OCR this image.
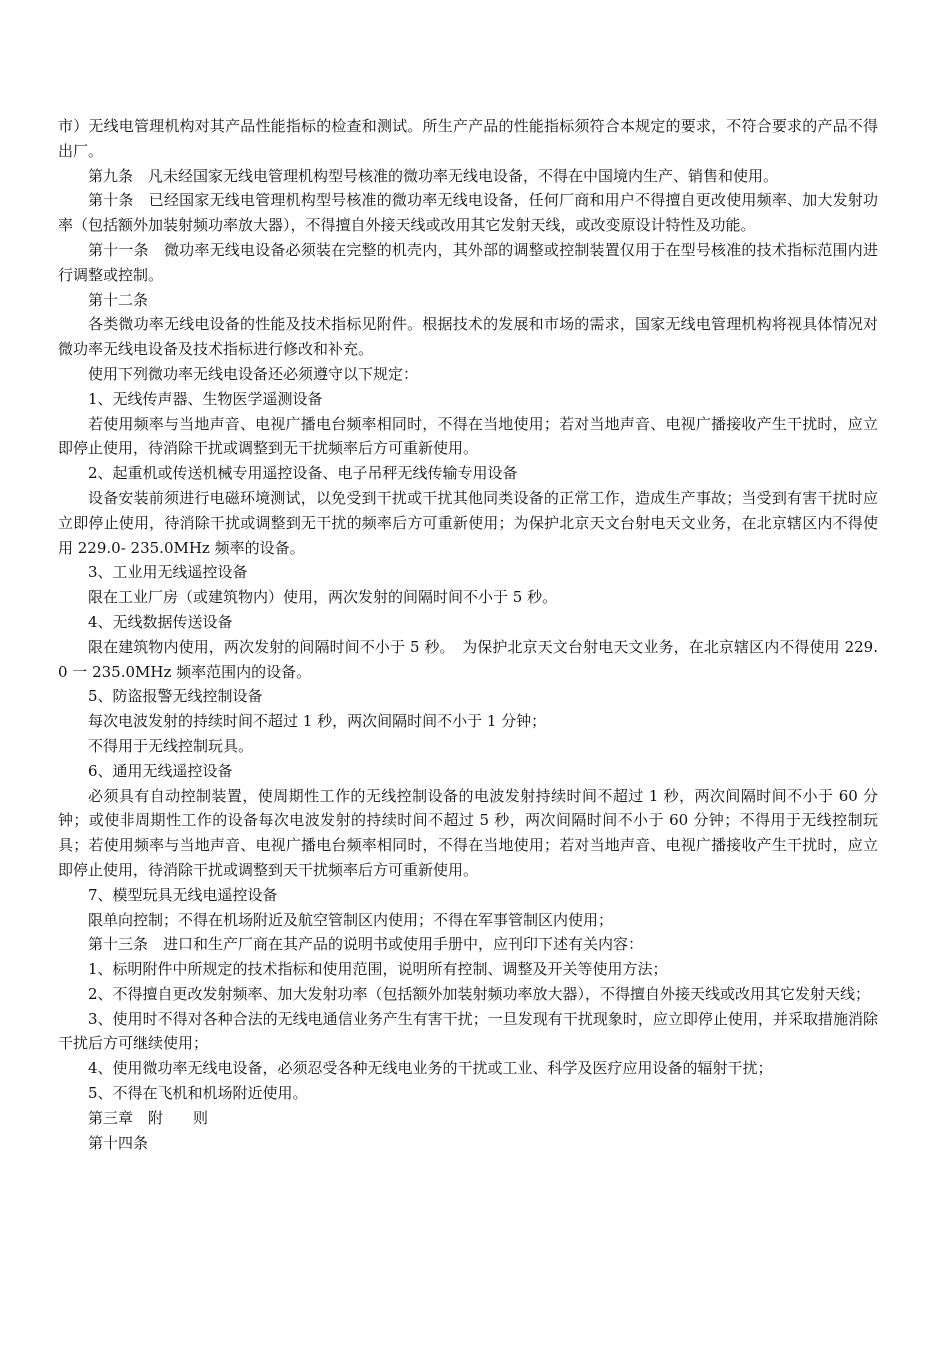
市）无线电管理机构对其产品性能指标的检查和测试。所生产产品的性能指标须符合本规定的要求，不符合要求的产品不得出厂。

第九条　凡未经国家无线电管理机构型号核准的微功率无线电设备，不得在中国境内生产、销售和使用。

第十条　已经国家无线电管理机构型号核准的微功率无线电设备，任何厂商和用户不得擅自更改使用频率、加大发射功率（包括额外加装射频功率放大器），不得擅自外接天线或改用其它发射天线，或改变原设计特性及功能。

第十一条　微功率无线电设备必须装在完整的机壳内，其外部的调整或控制装置仅用于在型号核准的技术指标范围内进行调整或控制。

第十二条

各类微功率无线电设备的性能及技术指标见附件。根据技术的发展和市场的需求，国家无线电管理机构将视具体情况对微功率无线电设备及技术指标进行修改和补充。

使用下列微功率无线电设备还必须遵守以下规定：

1、无线传声器、生物医学遥测设备

若使用频率与当地声音、电视广播电台频率相同时，不得在当地使用；若对当地声音、电视广播接收产生干扰时，应立即停止使用，待消除干扰或调整到无干扰频率后方可重新使用。

2、起重机或传送机械专用遥控设备、电子吊秤无线传输专用设备

设备安装前须进行电磁环境测试，以免受到干扰或干扰其他同类设备的正常工作，造成生产事故；当受到有害干扰时应立即停止使用，待消除干扰或调整到无干扰的频率后方可重新使用；为保护北京天文台射电天文业务，在北京辖区内不得使用 229.0- 235.0MHz 频率的设备。

3、工业用无线遥控设备

限在工业厂房（或建筑物内）使用，两次发射的间隔时间不小于 5 秒。

4、无线数据传送设备

限在建筑物内使用，两次发射的间隔时间不小于 5 秒。　为保护北京天文台射电天文业务，在北京辖区内不得使用 229.0 一 235.0MHz 频率范围内的设备。

5、防盗报警无线控制设备

每次电波发射的持续时间不超过 1 秒，两次间隔时间不小于 1 分钟；

不得用于无线控制玩具。

6、通用无线遥控设备

必须具有自动控制装置，使周期性工作的无线控制设备的电波发射持续时间不超过 1 秒，两次间隔时间不小于 60 分钟；或使非周期性工作的设备每次电波发射的持续时间不超过 5 秒，两次间隔时间不小于 60 分钟；不得用于无线控制玩具；若使用频率与当地声音、电视广播电台频率相同时，不得在当地使用；若对当地声音、电视广播接收产生干扰时，应立即停止使用，待消除干扰或调整到天干扰频率后方可重新使用。

7、模型玩具无线电遥控设备

限单向控制；不得在机场附近及航空管制区内使用；不得在军事管制区内使用；

第十三条　进口和生产厂商在其产品的说明书或使用手册中，应刊印下述有关内容：

1、标明附件中所规定的技术指标和使用范围，说明所有控制、调整及开关等使用方法；

2、不得擅自更改发射频率、加大发射功率（包括额外加装射频功率放大器），不得擅自外接天线或改用其它发射天线；

3、使用时不得对各种合法的无线电通信业务产生有害干扰；一旦发现有干扰现象时，应立即停止使用，并采取措施消除干扰后方可继续使用；

4、使用微功率无线电设备，必须忍受各种无线电业务的干扰或工业、科学及医疗应用设备的辐射干扰；

5、不得在飞机和机场附近使用。

第三章　附　　则

第十四条
